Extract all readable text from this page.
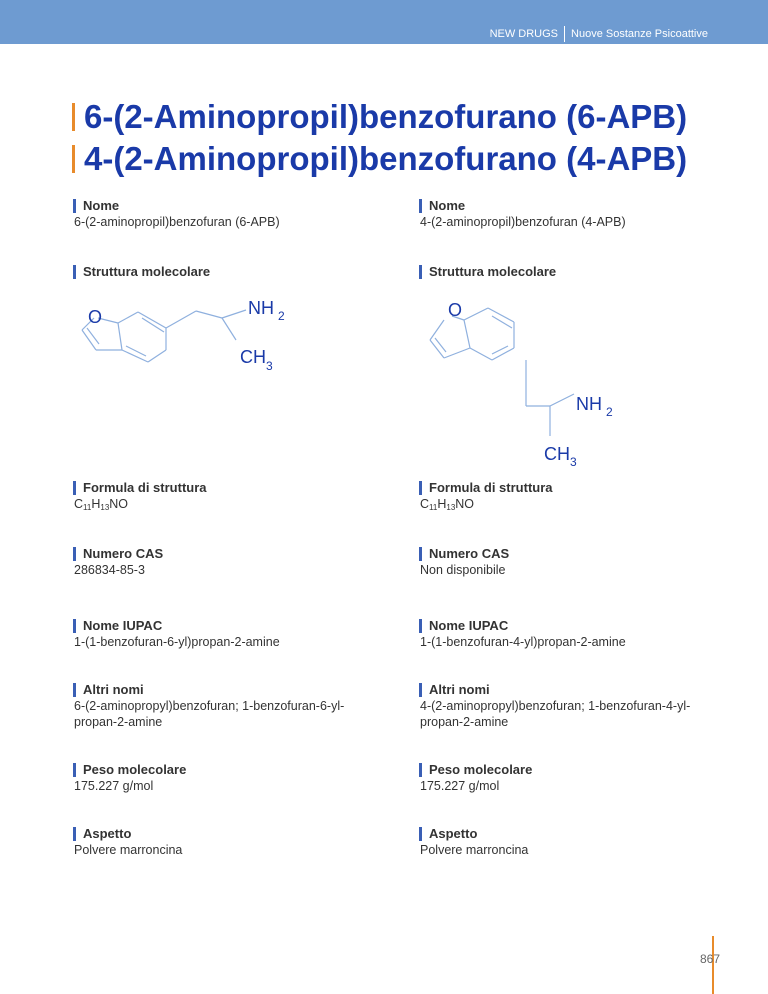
NEW DRUGS Nuove Sostanze Psicoattive
6-(2-Aminopropil)benzofurano (6-APB)
4-(2-Aminopropil)benzofurano (4-APB)
Nome
6-(2-aminopropil)benzofuran (6-APB)
Struttura molecolare
O	NH 2
CH 3
Formula di struttura
$C_{11}H_{13}NO$
Numero CAS
286834-85-3
Nome IUPAC
1-(1-benzofuran-6-yl)propan-2-amine
Altri nomi
6-(2-aminopropyl)benzofuran; 1-benzofuran-6-yl-
propan-2-amine
Peso molecolare
175.227 g/mol
Aspetto
Polvere marroncina
Nome
4-(2-aminopropil)benzofuran (4-APB)
Struttura molecolare
O
NH 2
CH 3
Formula di struttura
$C_{11}H_{13}NO$
Numero CAS
Non disponibile
Nome IUPAC
1-(1-benzofuran-4-yl)propan-2-amine
Altri nomi
4-(2-aminopropyl)benzofuran; 1-benzofuran-4-yl-
propan-2-amine
Peso molecolare
175.227 g/mol
Aspetto
Polvere marroncina
867
